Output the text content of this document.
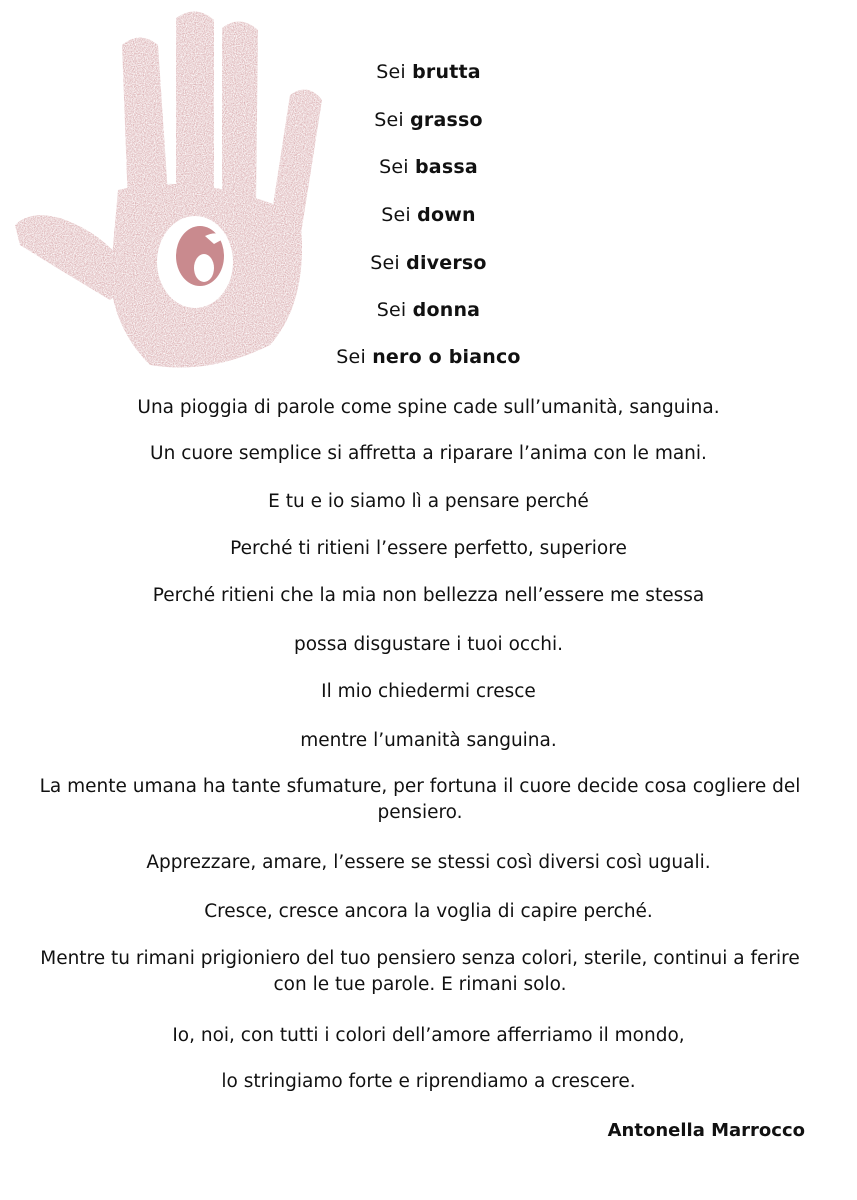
Sei brutta
Sei grasso
Sei bassa
Sei down
Sei diverso
Sei donna
Sei nero o bianco
Una pioggia di parole come spine cade sull’umanità, sanguina.
Un cuore semplice si affretta a riparare l’anima con le mani.
E tu e io siamo lì a pensare perché
Perché ti ritieni l’essere perfetto, superiore
Perché ritieni che la mia non bellezza nell’essere me stessa
possa disgustare i tuoi occhi.
Il mio chiedermi cresce
mentre l’umanità sanguina.
La mente umana ha tante sfumature, per fortuna il cuore decide cosa cogliere del pensiero.
Apprezzare, amare, l’essere se stessi così diversi così uguali.
Cresce, cresce ancora la voglia di capire perché.
Mentre tu rimani prigioniero del tuo pensiero senza colori, sterile, continui a ferire con le tue parole. E rimani solo.
Io, noi, con tutti i colori dell’amore afferriamo il mondo,
lo stringiamo forte e riprendiamo a crescere.
Antonella Marrocco
